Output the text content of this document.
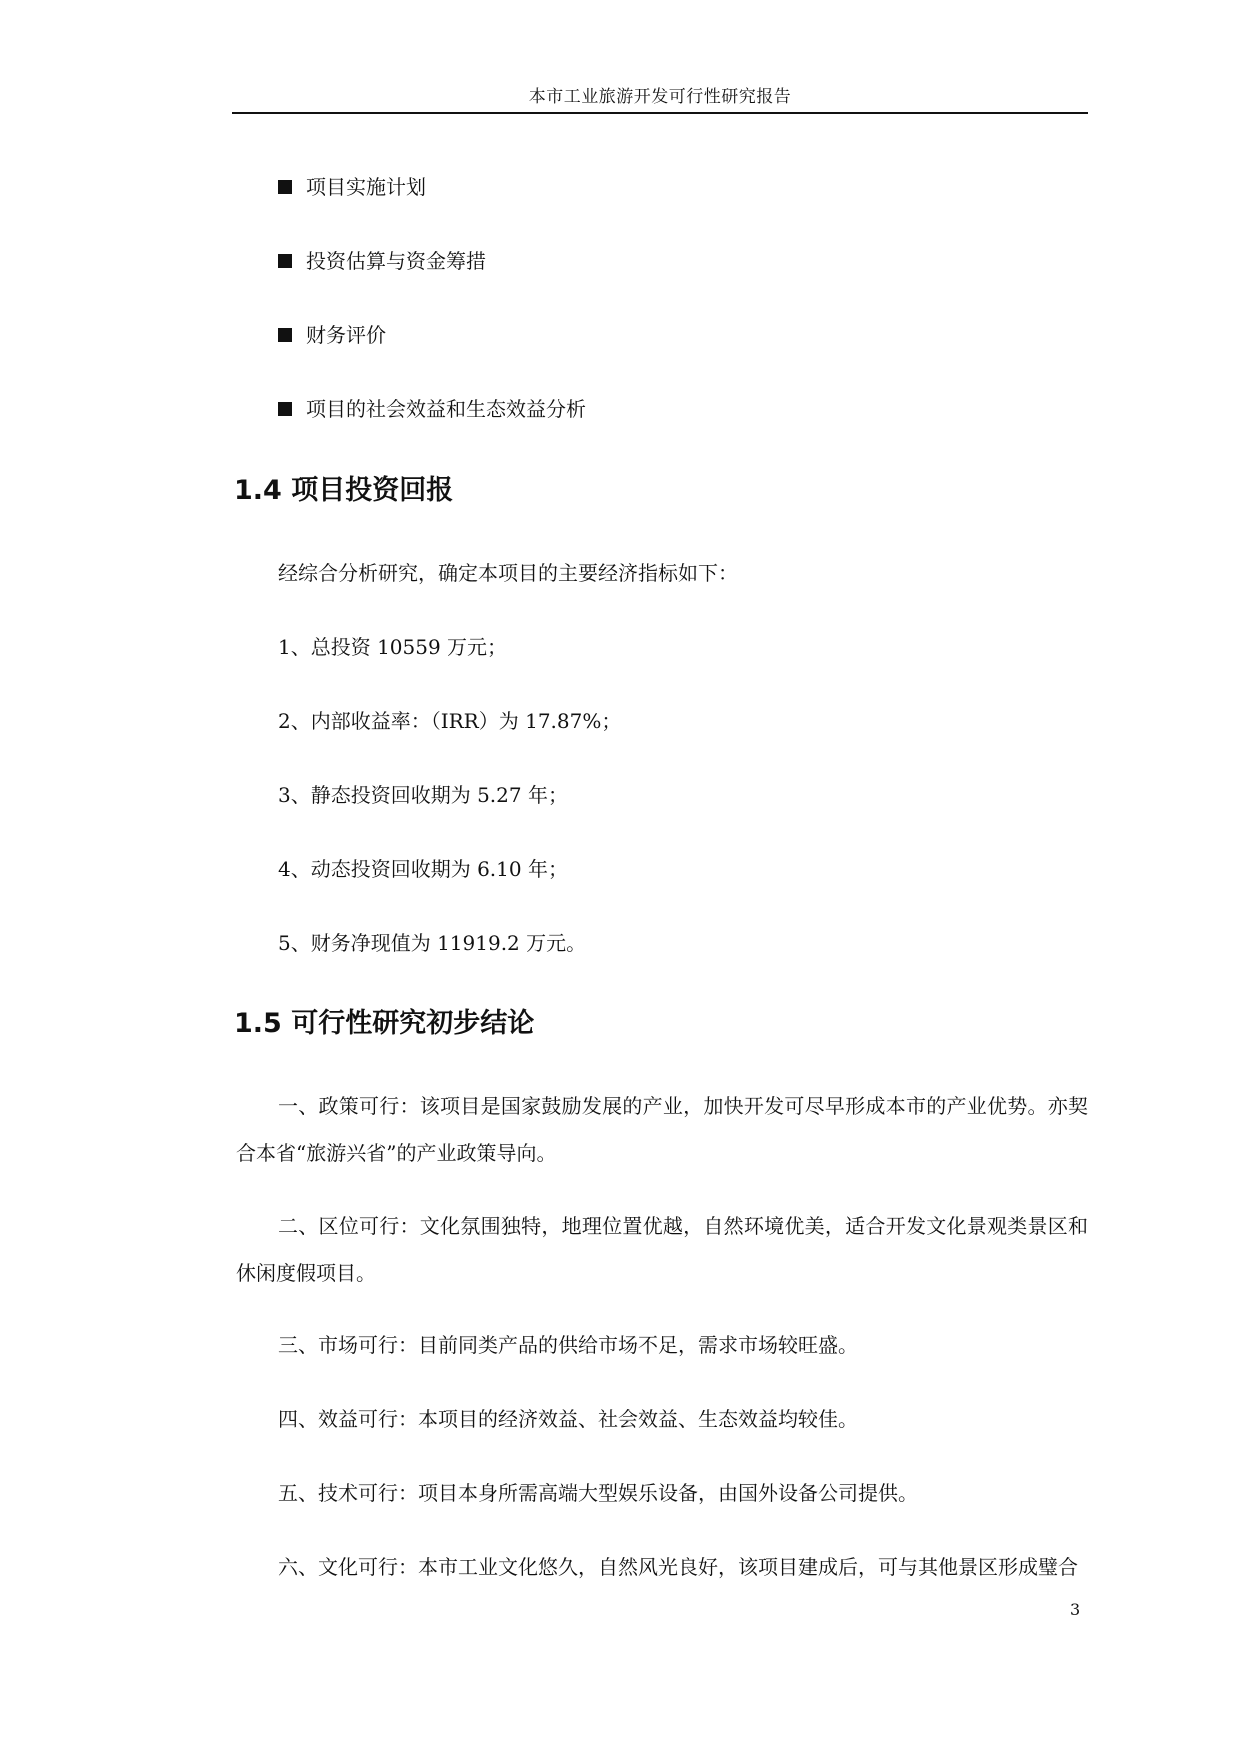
本市工业旅游开发可行性研究报告
项目实施计划
投资估算与资金筹措
财务评价
项目的社会效益和生态效益分析
1.4 项目投资回报
经综合分析研究，确定本项目的主要经济指标如下：
1、总投资 10559 万元；
2、内部收益率：（IRR）为 17.87%；
3、静态投资回收期为 5.27 年；
4、动态投资回收期为 6.10 年；
5、财务净现值为 11919.2 万元。
1.5 可行性研究初步结论
一、政策可行：该项目是国家鼓励发展的产业，加快开发可尽早形成本市的产业优势。亦契合本省“旅游兴省”的产业政策导向。
二、区位可行：文化氛围独特，地理位置优越，自然环境优美，适合开发文化景观类景区和休闲度假项目。
三、市场可行：目前同类产品的供给市场不足，需求市场较旺盛。
四、效益可行：本项目的经济效益、社会效益、生态效益均较佳。
五、技术可行：项目本身所需高端大型娱乐设备，由国外设备公司提供。
六、文化可行：本市工业文化悠久，自然风光良好，该项目建成后，可与其他景区形成璧合
3
